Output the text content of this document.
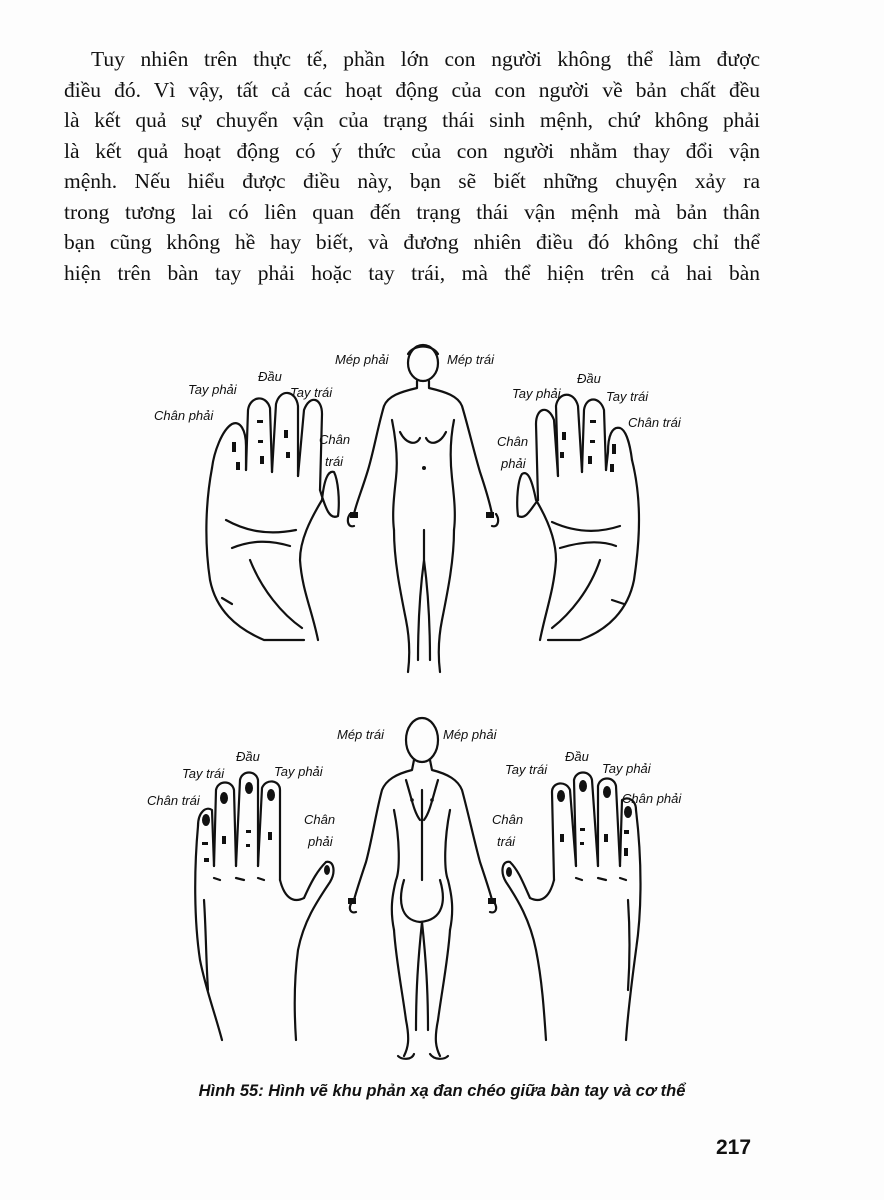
Tuy nhiên trên thực tế, phần lớn con người không thể làm được
điều đó. Vì vậy, tất cả các hoạt động của con người về bản chất đều
là kết quả sự chuyển vận của trạng thái sinh mệnh, chứ không phải
là kết quả hoạt động có ý thức của con người nhằm thay đổi vận
mệnh. Nếu hiểu được điều này, bạn sẽ biết những chuyện xảy ra
trong tương lai có liên quan đến trạng thái vận mệnh mà bản thân
bạn cũng không hề hay biết, và đương nhiên điều đó không chỉ thể
hiện trên bàn tay phải hoặc tay trái, mà thể hiện trên cả hai bàn
Mép phải	Mép trái
Đầu
Tay phải	Tay trái
Chân phải
Chân
trái
Đầu
Tay phải	Tay trái
Chân trái
Chân
phải
Mép trái	Mép phải
Đầu
Tay trái	Tay phải
Chân trái
Chân
phải
Đầu
Tay trái	Tay phải
Chân phải
Chân
trái

Hình 55: Hình vẽ khu phản xạ đan chéo giữa bàn tay và cơ thể

217
